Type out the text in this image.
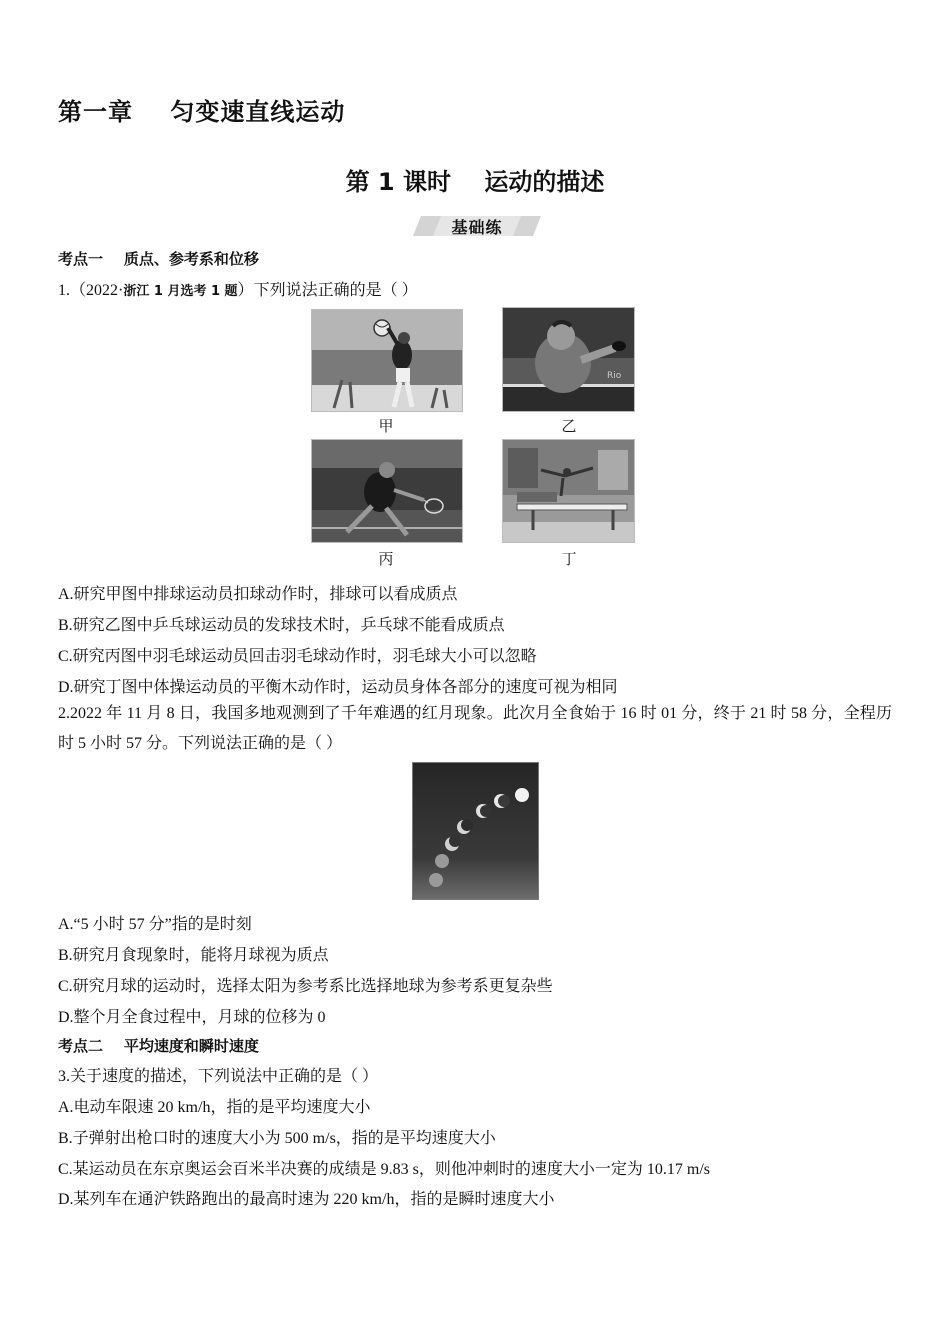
第一章    匀变速直线运动
第 1 课时    运动的描述
基础练
考点一    质点、参考系和位移
1.（2022·浙江 1 月选考 1 题）下列说法正确的是（ ）
甲
Rio
乙
丙	丁
A.研究甲图中排球运动员扣球动作时，排球可以看成质点
B.研究乙图中乒乓球运动员的发球技术时，乒乓球不能看成质点
C.研究丙图中羽毛球运动员回击羽毛球动作时，羽毛球大小可以忽略
D.研究丁图中体操运动员的平衡木动作时，运动员身体各部分的速度可视为相同
2.2022 年 11 月 8 日，我国多地观测到了千年难遇的红月现象。此次月全食始于 16 时 01 分，终于 21 时 58 分，全程历时 5 小时 57 分。下列说法正确的是（ ）
A.“5 小时 57 分”指的是时刻
B.研究月食现象时，能将月球视为质点
C.研究月球的运动时，选择太阳为参考系比选择地球为参考系更复杂些
D.整个月全食过程中，月球的位移为 0
考点二    平均速度和瞬时速度
3.关于速度的描述，下列说法中正确的是（ ）
A.电动车限速 20 km/h，指的是平均速度大小
B.子弹射出枪口时的速度大小为 500 m/s，指的是平均速度大小
C.某运动员在东京奥运会百米半决赛的成绩是 9.83 s，则他冲刺时的速度大小一定为 10.17 m/s
D.某列车在通沪铁路跑出的最高时速为 220 km/h，指的是瞬时速度大小
